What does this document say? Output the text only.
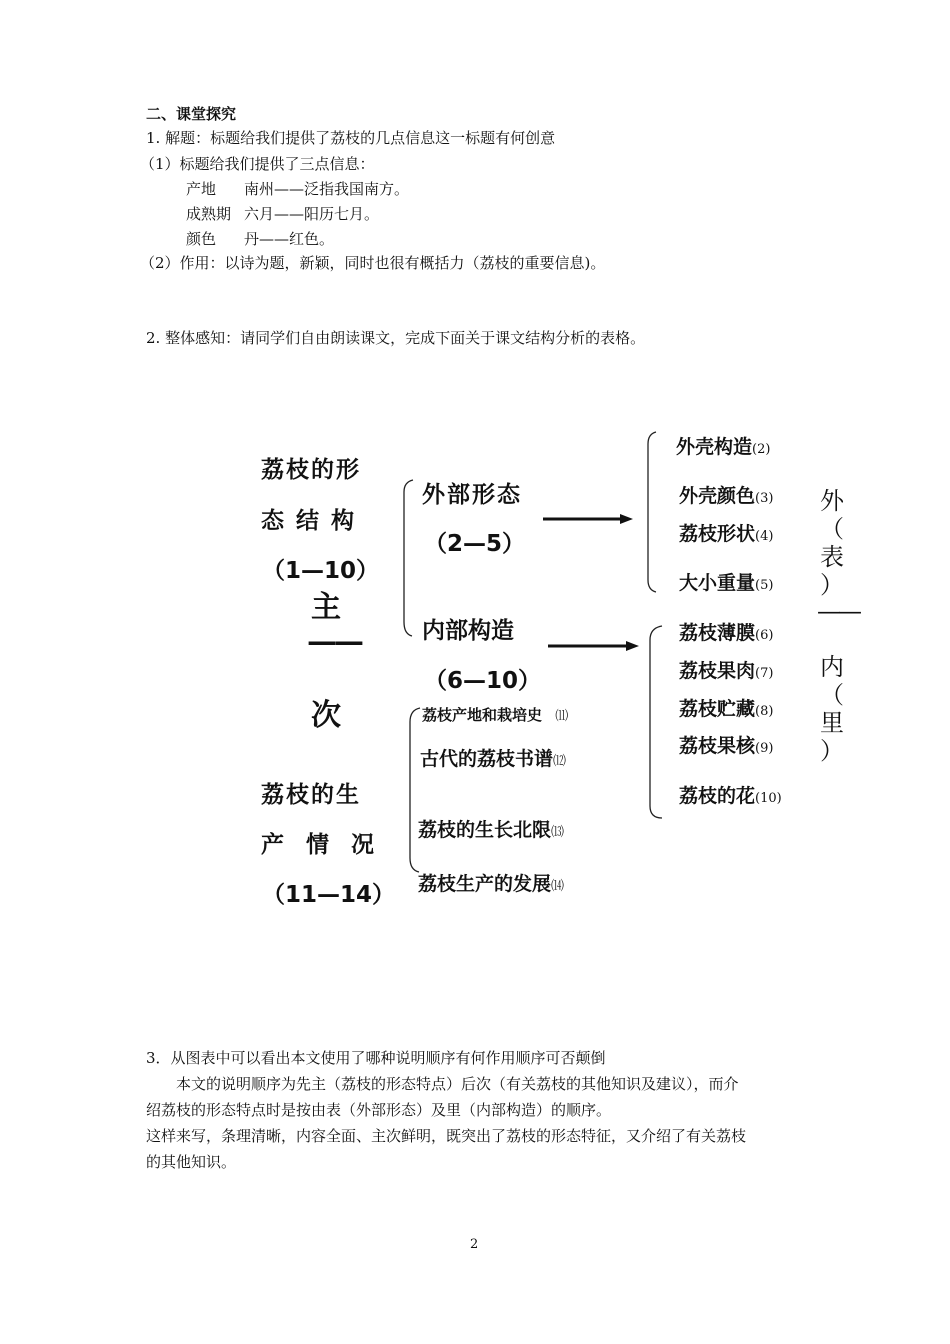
二、课堂探究
1. 解题：标题给我们提供了荔枝的几点信息这一标题有何创意
（1）标题给我们提供了三点信息：
产地 南州——泛指我国南方。
成熟期 六月——阳历七月。
颜色 丹——红色。
（2）作用：以诗为题，新颖，同时也很有概括力（荔枝的重要信息)。
2. 整体感知：请同学们自由朗读课文，完成下面关于课文结构分析的表格。
荔枝的形
态 结 构
（1—10）
主
——
次
荔枝的生
产  情  况
（11—14）
外部形态
（2—5）
内部构造
（6—10）
荔枝产地和栽培史 ⑾
古代的荔枝书谱⑿
荔枝的生长北限⒀
荔枝生产的发展⒁
外壳构造(2)
外壳颜色(3)
荔枝形状(4)
大小重量(5)
荔枝薄膜(6)
荔枝果肉(7)
荔枝贮藏(8)
荔枝果核(9)
荔枝的花(10)
外
（
表
）
——
内
（
里
）
3．从图表中可以看出本文使用了哪种说明顺序有何作用顺序可否颠倒
本文的说明顺序为先主（荔枝的形态特点）后次（有关荔枝的其他知识及建议），而介
绍荔枝的形态特点时是按由表（外部形态）及里（内部构造）的顺序。
这样来写，条理清晰，内容全面、主次鲜明，既突出了荔枝的形态特征，又介绍了有关荔枝
的其他知识。
2
